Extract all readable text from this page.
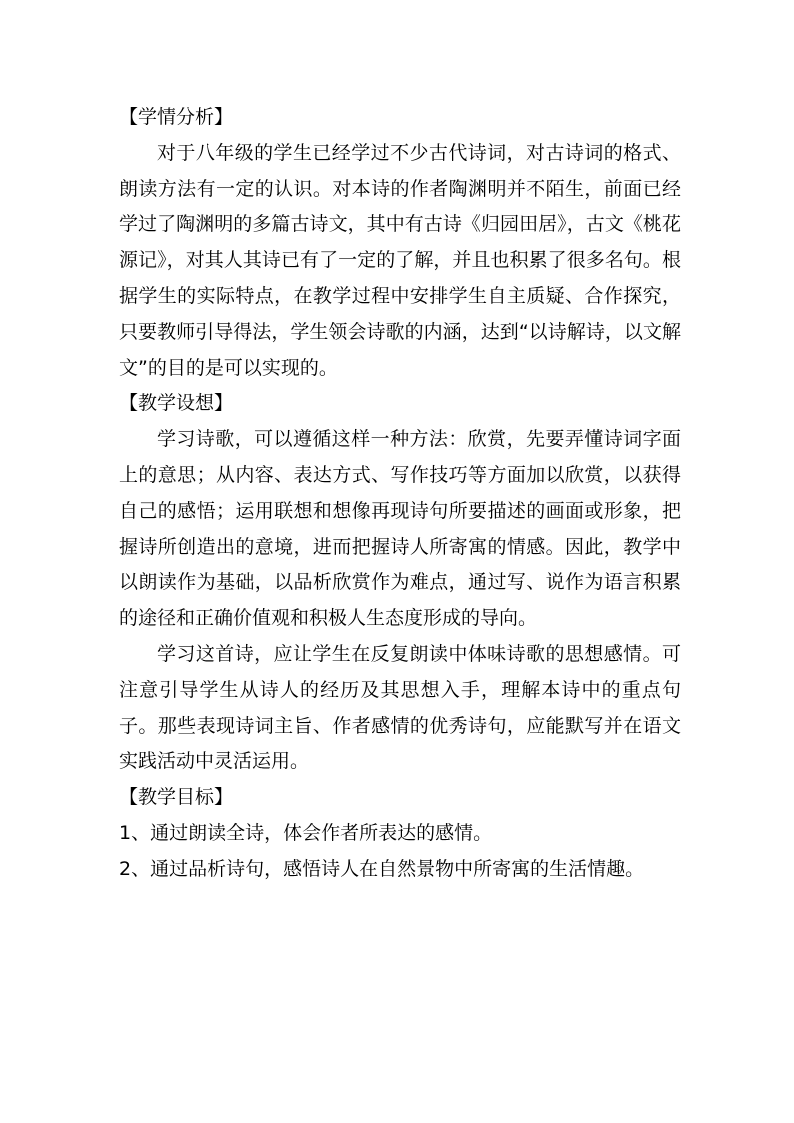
【学情分析】

对于八年级的学生已经学过不少古代诗词，对古诗词的格式、朗读方法有一定的认识。对本诗的作者陶渊明并不陌生，前面已经学过了陶渊明的多篇古诗文，其中有古诗《归园田居》，古文《桃花源记》，对其人其诗已有了一定的了解，并且也积累了很多名句。根据学生的实际特点，在教学过程中安排学生自主质疑、合作探究，只要教师引导得法，学生领会诗歌的内涵，达到“以诗解诗，以文解文”的目的是可以实现的。

【教学设想】

学习诗歌，可以遵循这样一种方法：欣赏，先要弄懂诗词字面上的意思；从内容、表达方式、写作技巧等方面加以欣赏，以获得自己的感悟；运用联想和想像再现诗句所要描述的画面或形象，把握诗所创造出的意境，进而把握诗人所寄寓的情感。因此，教学中以朗读作为基础，以品析欣赏作为难点，通过写、说作为语言积累的途径和正确价值观和积极人生态度形成的导向。

学习这首诗，应让学生在反复朗读中体味诗歌的思想感情。可注意引导学生从诗人的经历及其思想入手，理解本诗中的重点句子。那些表现诗词主旨、作者感情的优秀诗句，应能默写并在语文实践活动中灵活运用。

【教学目标】

1、通过朗读全诗，体会作者所表达的感情。

2、通过品析诗句，感悟诗人在自然景物中所寄寓的生活情趣。
